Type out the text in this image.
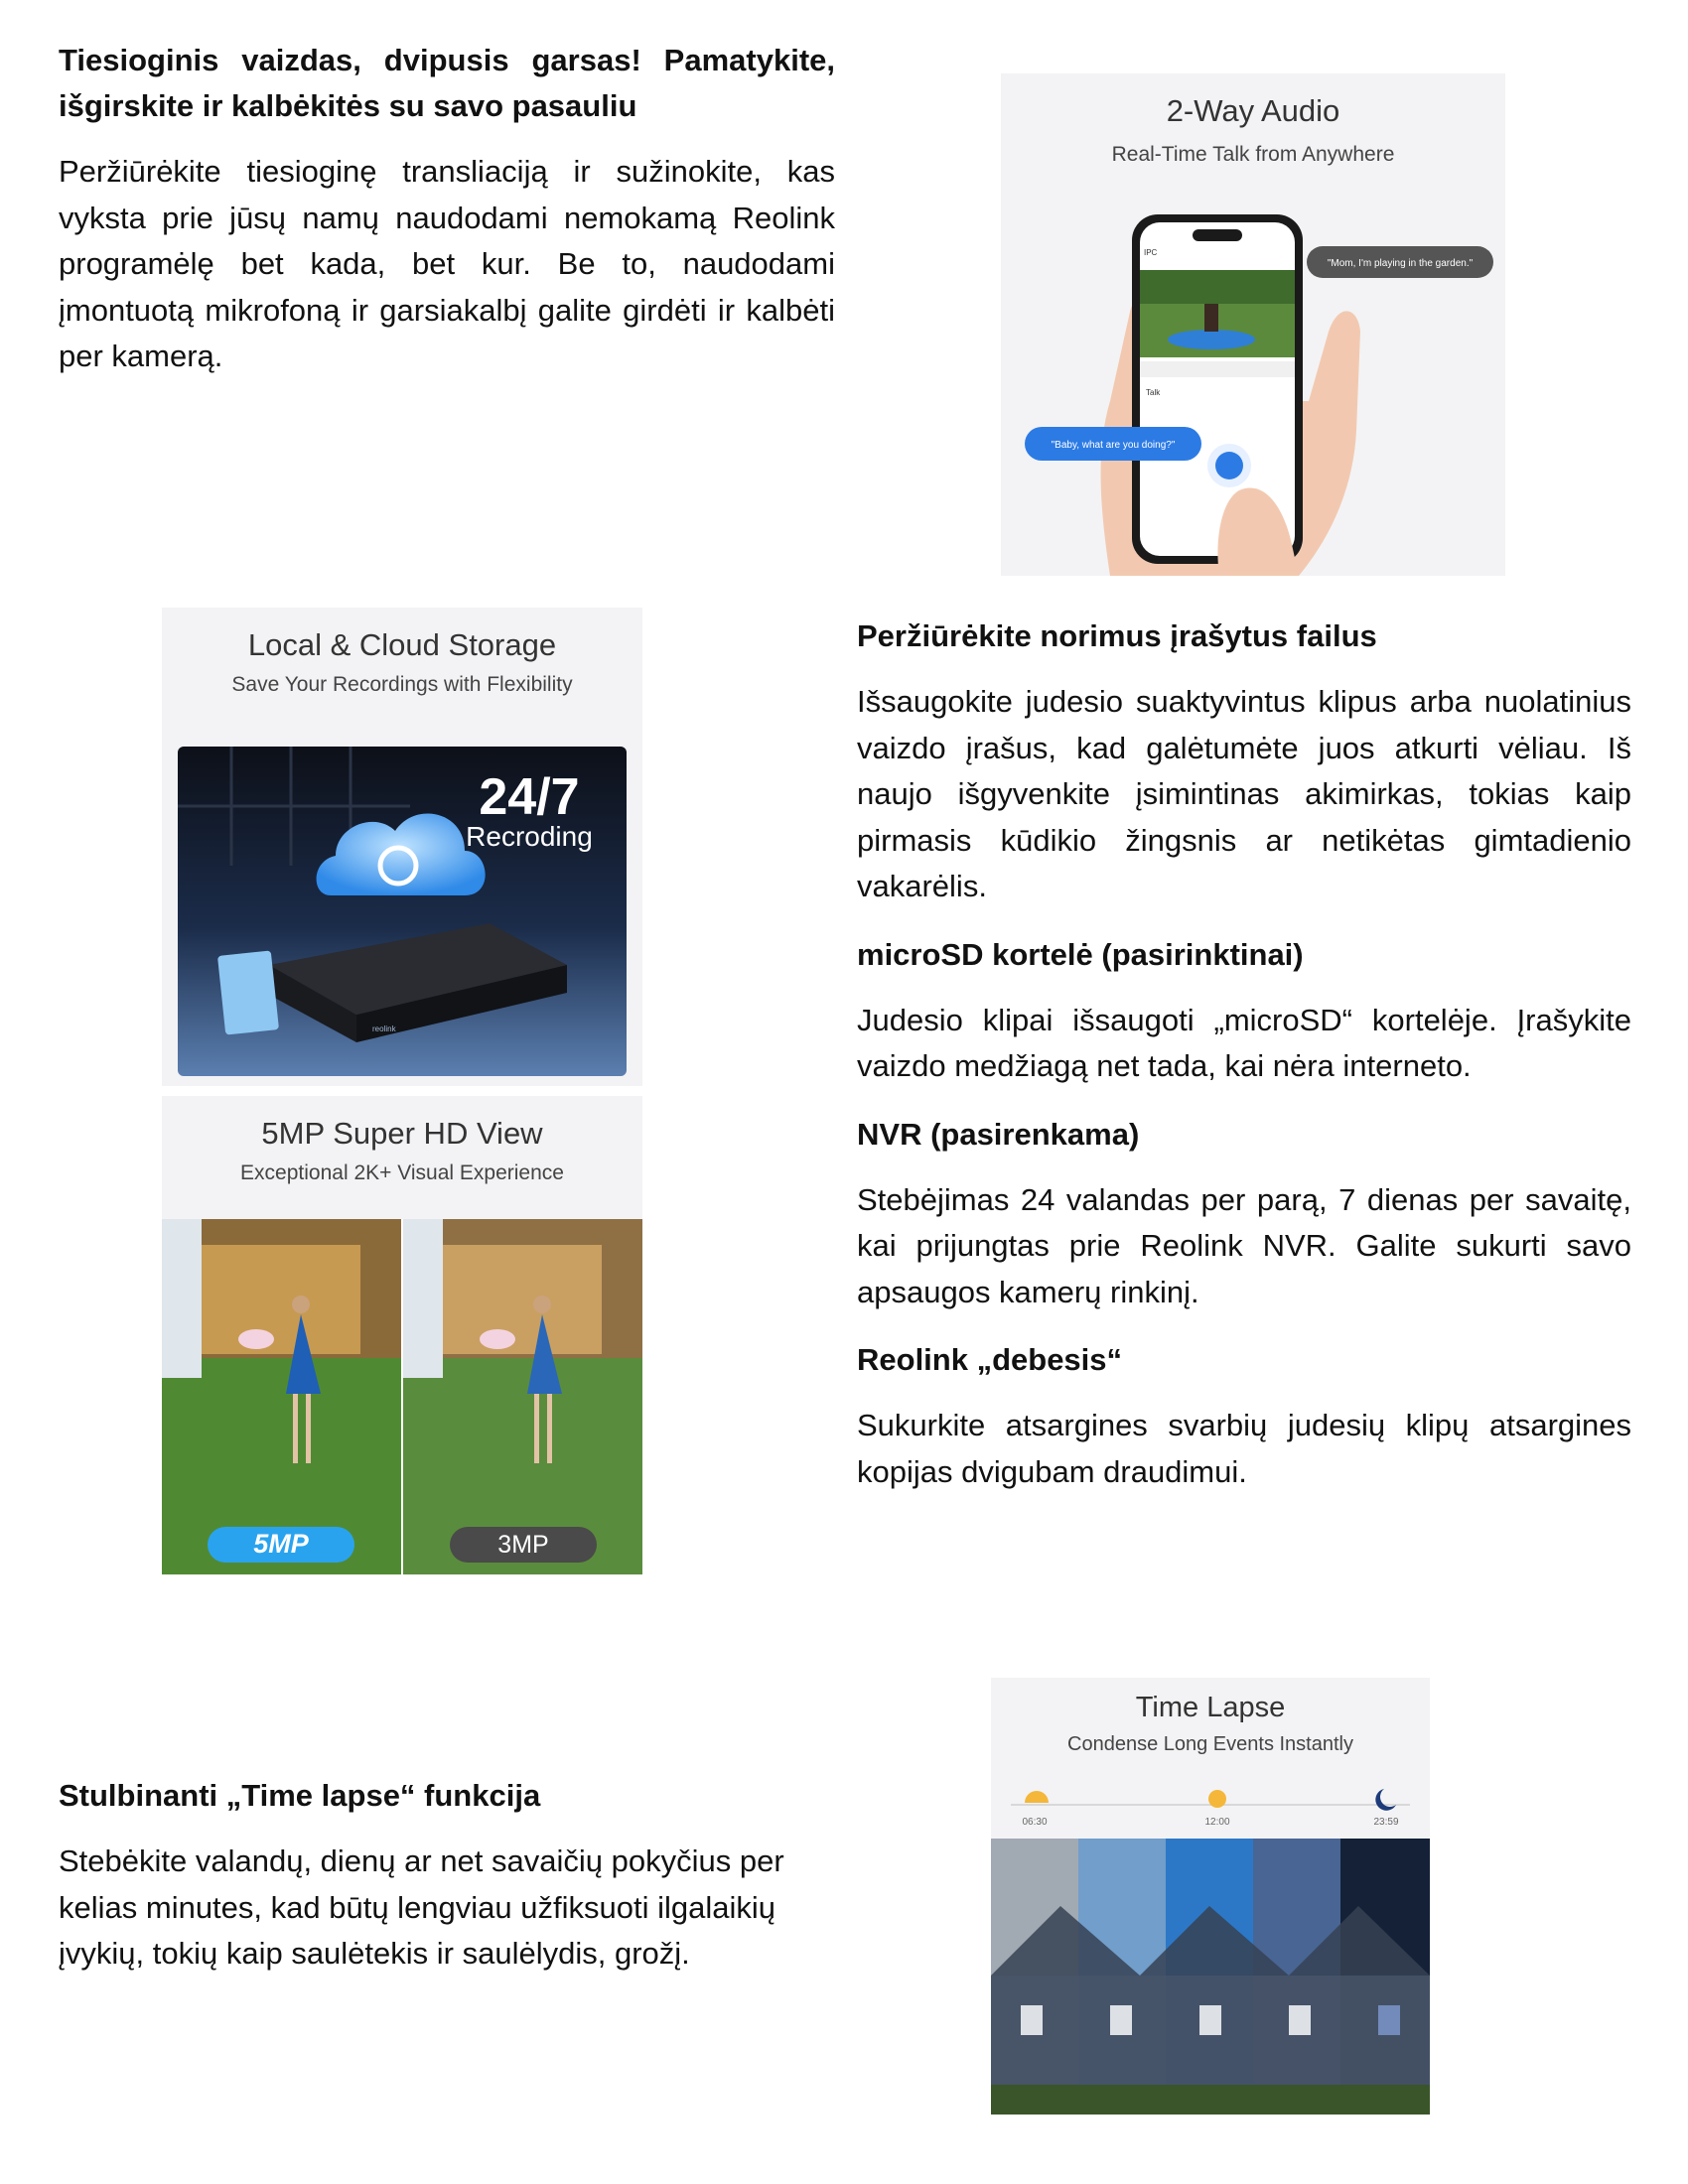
Tiesioginis vaizdas, dvipusis garsas! Pamatykite, išgirskite ir kalbėkitės su savo pasauliu

Peržiūrėkite tiesioginę transliaciją ir sužinokite, kas vyksta prie jūsų namų naudodami nemokamą Reolink programėlę bet kada, bet kur. Be to, naudodami įmontuotą mikrofoną ir garsiakalbį galite girdėti ir kalbėti per kamerą.

2-Way Audio
Real-Time Talk from Anywhere
IPC
Talk
"Mom, I'm playing in the garden."
"Baby, what are you doing?"
Local & Cloud Storage
Save Your Recordings with Flexibility
24/7
Recroding
reolink
5MP Super HD View
Exceptional 2K+ Visual Experience
5MP	3MP

Peržiūrėkite norimus įrašytus failus

Išsaugokite judesio suaktyvintus klipus arba nuolatinius vaizdo įrašus, kad galėtumėte juos atkurti vėliau. Iš naujo išgyvenkite įsimintinas akimirkas, tokias kaip pirmasis kūdikio žingsnis ar netikėtas gimtadienio vakarėlis.

microSD kortelė (pasirinktinai)

Judesio klipai išsaugoti „microSD“ kortelėje. Įrašykite vaizdo medžiagą net tada, kai nėra interneto.

NVR (pasirenkama)

Stebėjimas 24 valandas per parą, 7 dienas per savaitę, kai prijungtas prie Reolink NVR. Galite sukurti savo apsaugos kamerų rinkinį.

Reolink „debesis“

Sukurkite atsargines svarbių judesių klipų atsargines kopijas dvigubam draudimui.

Time Lapse
Condense Long Events Instantly
06:30	12:00	23:59

Stulbinanti „Time lapse“ funkcija

Stebėkite valandų, dienų ar net savaičių pokyčius per kelias minutes, kad būtų lengviau užfiksuoti ilgalaikių įvykių, tokių kaip saulėtekis ir saulėlydis, grožį.
